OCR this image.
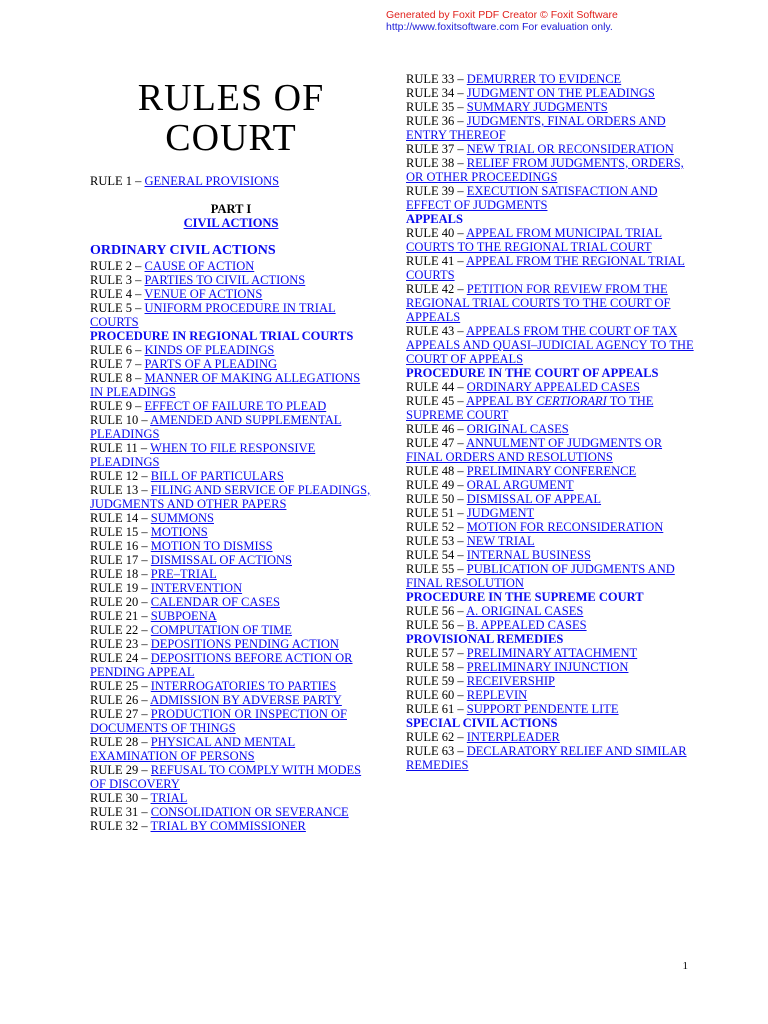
Generated by Foxit PDF Creator © Foxit Software
http://www.foxitsoftware.com For evaluation only.
RULES OF
COURT

RULE 1 – GENERAL PROVISIONS

PART I

CIVIL ACTIONS

ORDINARY CIVIL ACTIONS

RULE 2 – CAUSE OF ACTION

RULE 3 – PARTIES TO CIVIL ACTIONS

RULE 4 – VENUE OF ACTIONS

RULE 5 – UNIFORM PROCEDURE IN TRIAL COURTS

PROCEDURE IN REGIONAL TRIAL COURTS

RULE 6 – KINDS OF PLEADINGS

RULE 7 – PARTS OF A PLEADING

RULE 8 – MANNER OF MAKING ALLEGATIONS IN PLEADINGS

RULE 9 – EFFECT OF FAILURE TO PLEAD

RULE 10 – AMENDED AND SUPPLEMENTAL PLEADINGS

RULE 11 – WHEN TO FILE RESPONSIVE PLEADINGS

RULE 12 – BILL OF PARTICULARS

RULE 13 – FILING AND SERVICE OF PLEADINGS, JUDGMENTS AND OTHER PAPERS

RULE 14 – SUMMONS

RULE 15 – MOTIONS

RULE 16 – MOTION TO DISMISS

RULE 17 – DISMISSAL OF ACTIONS

RULE 18 – PRE–TRIAL

RULE 19 – INTERVENTION

RULE 20 – CALENDAR OF CASES

RULE 21 – SUBPOENA

RULE 22 – COMPUTATION OF TIME

RULE 23 – DEPOSITIONS PENDING ACTION

RULE 24 – DEPOSITIONS BEFORE ACTION OR PENDING APPEAL

RULE 25 – INTERROGATORIES TO PARTIES

RULE 26 – ADMISSION BY ADVERSE PARTY

RULE 27 – PRODUCTION OR INSPECTION OF DOCUMENTS OF THINGS

RULE 28 – PHYSICAL AND MENTAL EXAMINATION OF PERSONS

RULE 29 – REFUSAL TO COMPLY WITH MODES OF DISCOVERY

RULE 30 – TRIAL

RULE 31 – CONSOLIDATION OR SEVERANCE

RULE 32 – TRIAL BY COMMISSIONER

RULE 33 – DEMURRER TO EVIDENCE

RULE 34 – JUDGMENT ON THE PLEADINGS

RULE 35 – SUMMARY JUDGMENTS

RULE 36 – JUDGMENTS, FINAL ORDERS AND ENTRY THEREOF

RULE 37 – NEW TRIAL OR RECONSIDERATION

RULE 38 – RELIEF FROM JUDGMENTS, ORDERS, OR OTHER PROCEEDINGS

RULE 39 – EXECUTION SATISFACTION AND EFFECT OF JUDGMENTS

APPEALS

RULE 40 – APPEAL FROM MUNICIPAL TRIAL COURTS TO THE REGIONAL TRIAL COURT

RULE 41 – APPEAL FROM THE REGIONAL TRIAL COURTS

RULE 42 – PETITION FOR REVIEW FROM THE REGIONAL TRIAL COURTS TO THE COURT OF APPEALS

RULE 43 – APPEALS FROM THE COURT OF TAX APPEALS AND QUASI–JUDICIAL AGENCY TO THE COURT OF APPEALS

PROCEDURE IN THE COURT OF APPEALS

RULE 44 – ORDINARY APPEALED CASES

RULE 45 – APPEAL BY CERTIORARI TO THE SUPREME COURT

RULE 46 – ORIGINAL CASES

RULE 47 – ANNULMENT OF JUDGMENTS OR FINAL ORDERS AND RESOLUTIONS

RULE 48 – PRELIMINARY CONFERENCE

RULE 49 – ORAL ARGUMENT

RULE 50 – DISMISSAL OF APPEAL

RULE 51 – JUDGMENT

RULE 52 – MOTION FOR RECONSIDERATION

RULE 53 – NEW TRIAL

RULE 54 – INTERNAL BUSINESS

RULE 55 – PUBLICATION OF JUDGMENTS AND FINAL RESOLUTION

PROCEDURE IN THE SUPREME COURT

RULE 56 – A. ORIGINAL CASES

RULE 56 – B. APPEALED CASES

PROVISIONAL REMEDIES

RULE 57 – PRELIMINARY ATTACHMENT

RULE 58 – PRELIMINARY INJUNCTION

RULE 59 – RECEIVERSHIP

RULE 60 – REPLEVIN

RULE 61 – SUPPORT PENDENTE LITE

SPECIAL CIVIL ACTIONS

RULE 62 – INTERPLEADER

RULE 63 – DECLARATORY RELIEF AND SIMILAR REMEDIES

1
